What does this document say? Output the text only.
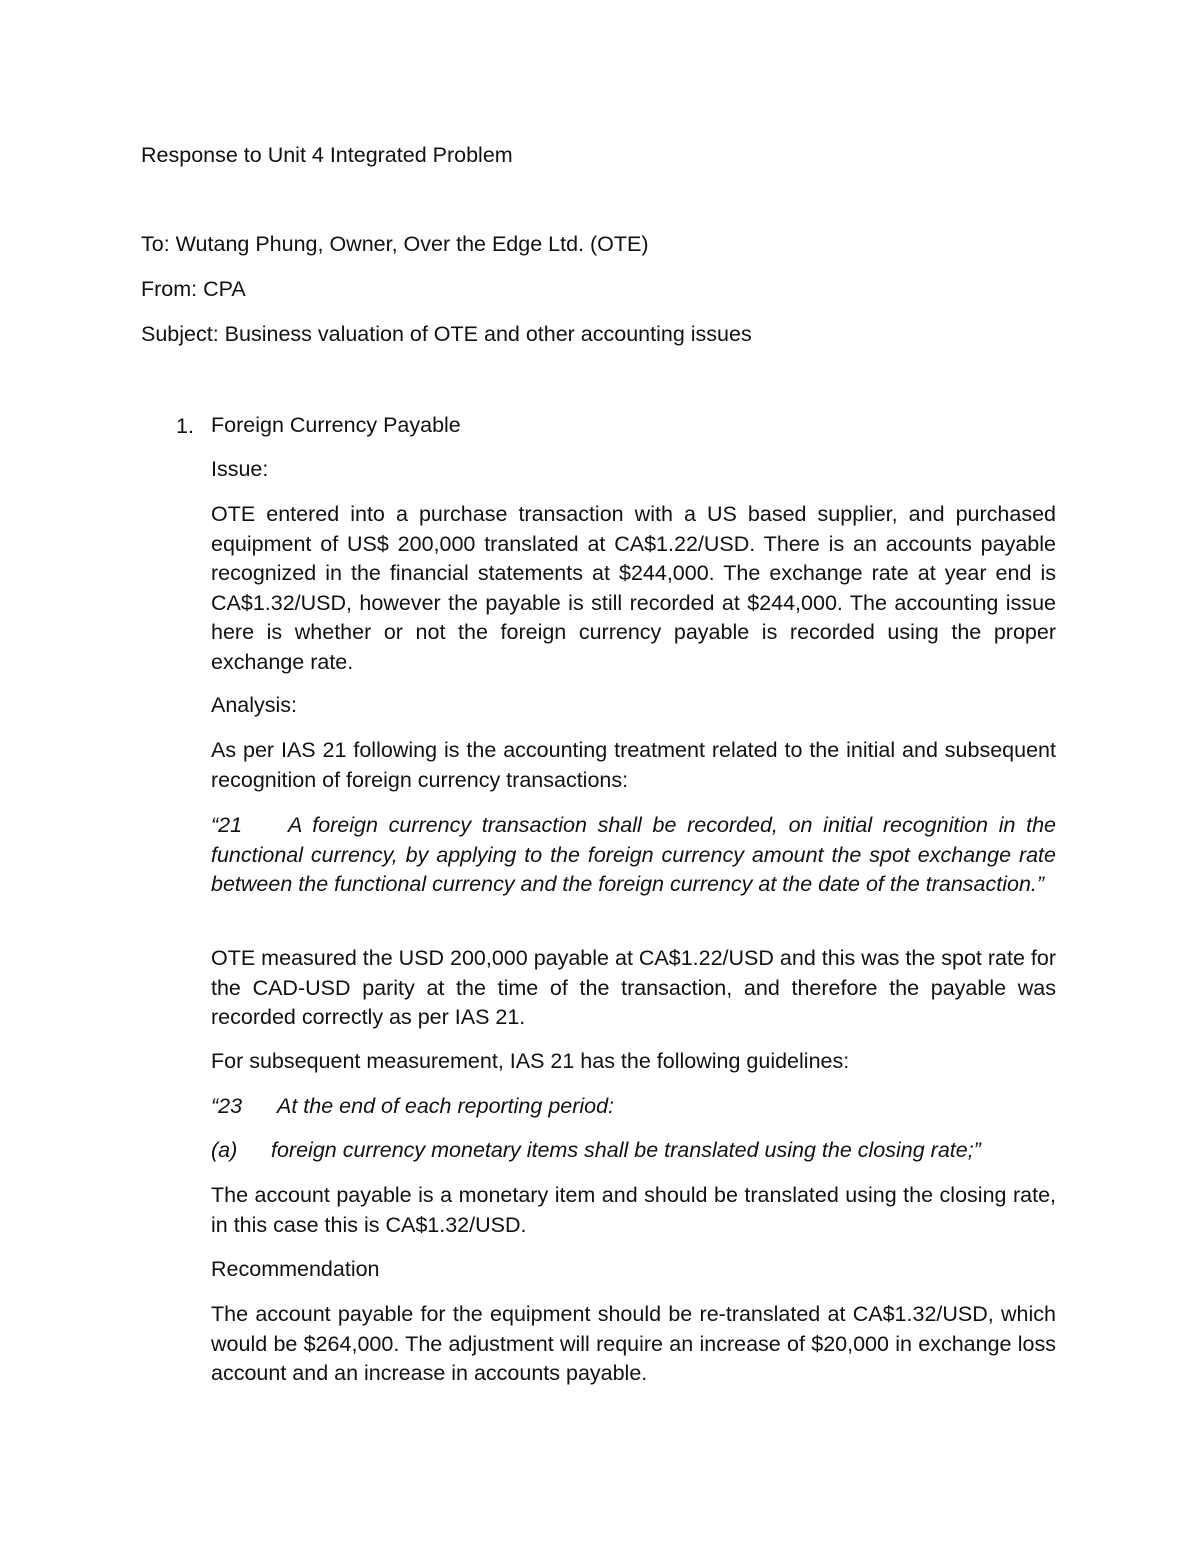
Response to Unit 4 Integrated Problem

To: Wutang Phung, Owner, Over the Edge Ltd. (OTE)

From: CPA

Subject: Business valuation of OTE and other accounting issues

1. Foreign Currency Payable

Issue:

OTE entered into a purchase transaction with a US based supplier, and purchased equipment of US$ 200,000 translated at CA$1.22/USD. There is an accounts payable recognized in the financial statements at $244,000. The exchange rate at year end is CA$1.32/USD, however the payable is still recorded at $244,000. The accounting issue here is whether or not the foreign currency payable is recorded using the proper exchange rate.

Analysis:

As per IAS 21 following is the accounting treatment related to the initial and subsequent recognition of foreign currency transactions:

“21 A foreign currency transaction shall be recorded, on initial recognition in the functional currency, by applying to the foreign currency amount the spot exchange rate between the functional currency and the foreign currency at the date of the transaction.”

OTE measured the USD 200,000 payable at CA$1.22/USD and this was the spot rate for the CAD-USD parity at the time of the transaction, and therefore the payable was recorded correctly as per IAS 21.

For subsequent measurement, IAS 21 has the following guidelines:

“23 At the end of each reporting period:

(a) foreign currency monetary items shall be translated using the closing rate;”

The account payable is a monetary item and should be translated using the closing rate, in this case this is CA$1.32/USD.

Recommendation

The account payable for the equipment should be re-translated at CA$1.32/USD, which would be $264,000. The adjustment will require an increase of $20,000 in exchange loss account and an increase in accounts payable.
